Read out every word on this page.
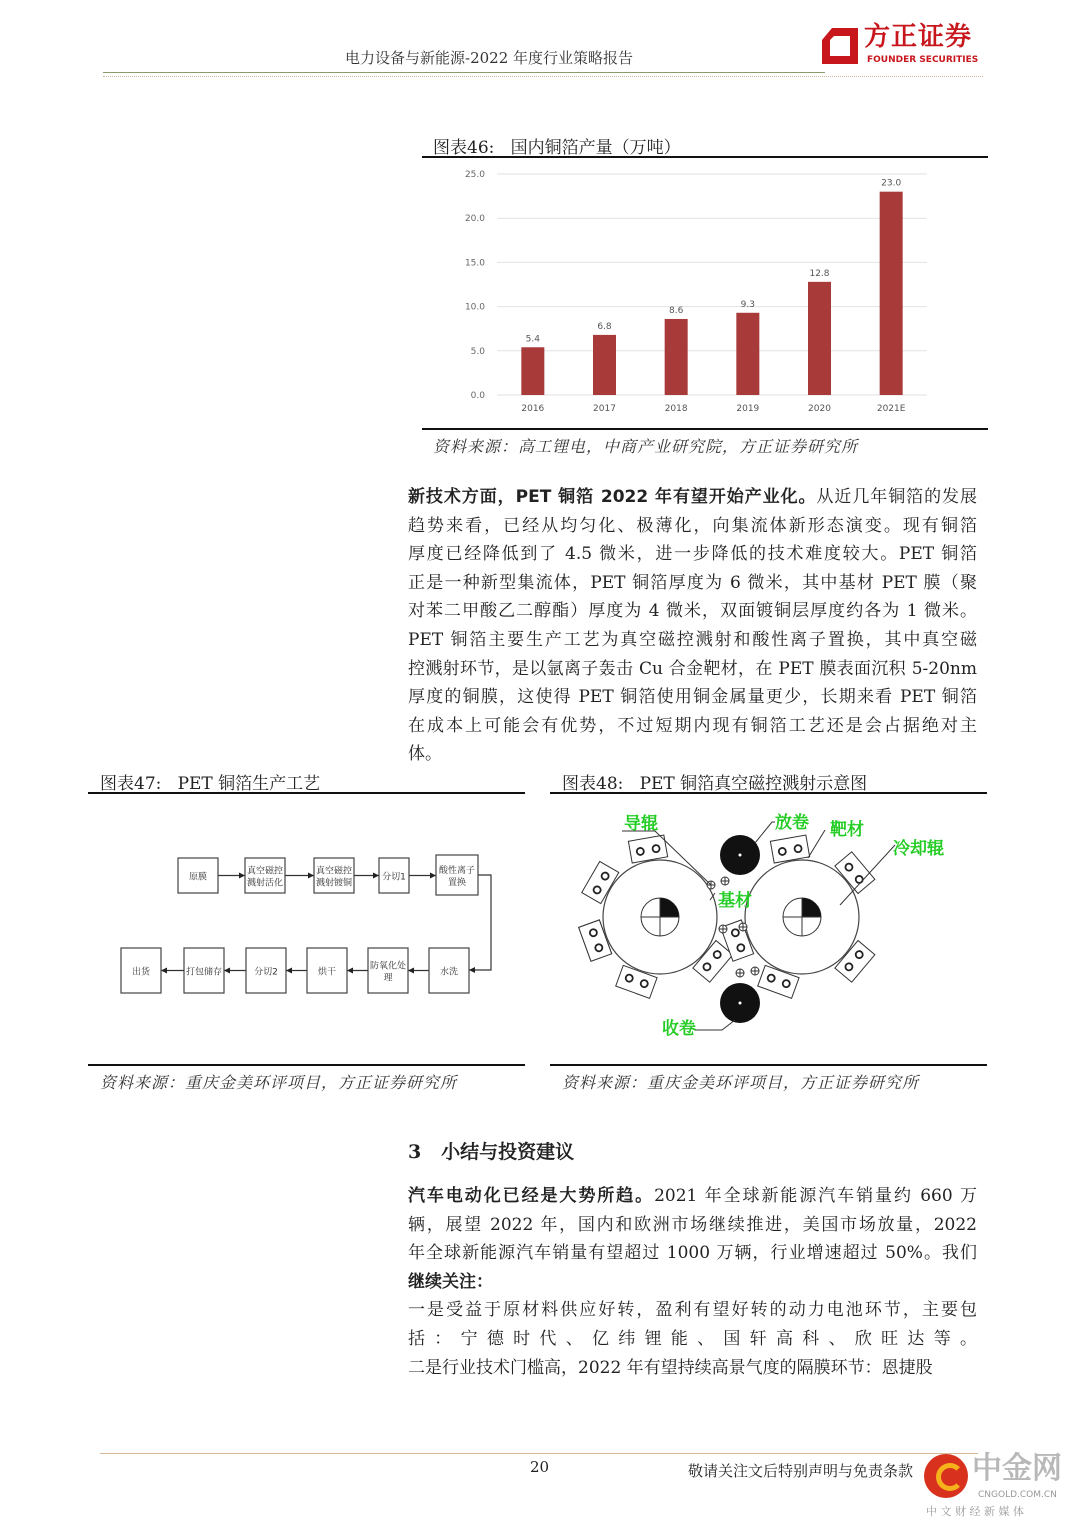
电力设备与新能源-2022 年度行业策略报告
方正证券
FOUNDER SECURITIES
图表46:   国内铜箔产量（万吨）
0.0
5.0
10.0
15.0
20.0
25.0
5.4
2016
6.8
2017
8.6
2018
9.3
2019
12.8
2020
23.0
2021E
资料来源：高工锂电，中商产业研究院，方正证券研究所
新技术方面，PET 铜箔 2022 年有望开始产业化。从近几年铜箔的发展
趋势来看，已经从均匀化、极薄化，向集流体新形态演变。现有铜箔
厚度已经降低到了 4.5 微米，进一步降低的技术难度较大。PET 铜箔
正是一种新型集流体，PET 铜箔厚度为 6 微米，其中基材 PET 膜（聚
对苯二甲酸乙二醇酯）厚度为 4 微米，双面镀铜层厚度约各为 1 微米。
PET 铜箔主要生产工艺为真空磁控溅射和酸性离子置换，其中真空磁
控溅射环节，是以氩离子轰击 Cu 合金靶材，在 PET 膜表面沉积 5-20nm
厚度的铜膜，这使得 PET 铜箔使用铜金属量更少，长期来看 PET 铜箔
在成本上可能会有优势，不过短期内现有铜箔工艺还是会占据绝对主
体。
图表47:   PET 铜箔生产工艺
原膜
真空磁控
溅射活化
真空磁控
溅射镀铜
分切1
酸性离子
置换
水洗
防氧化处
理
烘干
分切2
打包储存
出货
资料来源：重庆金美环评项目，方正证券研究所
图表48:   PET 铜箔真空磁控溅射示意图
导辊	放卷 靶材
冷却辊
基材
收卷
资料来源：重庆金美环评项目，方正证券研究所
3   小结与投资建议
汽车电动化已经是大势所趋。2021 年全球新能源汽车销量约 660 万
辆，展望 2022 年，国内和欧洲市场继续推进，美国市场放量，2022
年全球新能源汽车销量有望超过 1000 万辆，行业增速超过 50%。我们
继续关注：
一是受益于原材料供应好转，盈利有望好转的动力电池环节，主要包
括：宁德时代、亿纬锂能、国轩高科、欣旺达等。
二是行业技术门槛高，2022 年有望持续高景气度的隔膜环节：恩捷股
20	敬请关注文后特别声明与免责条款 中金网
CNGOLD.COM.CN
中 文 财 经 新 媒 体
